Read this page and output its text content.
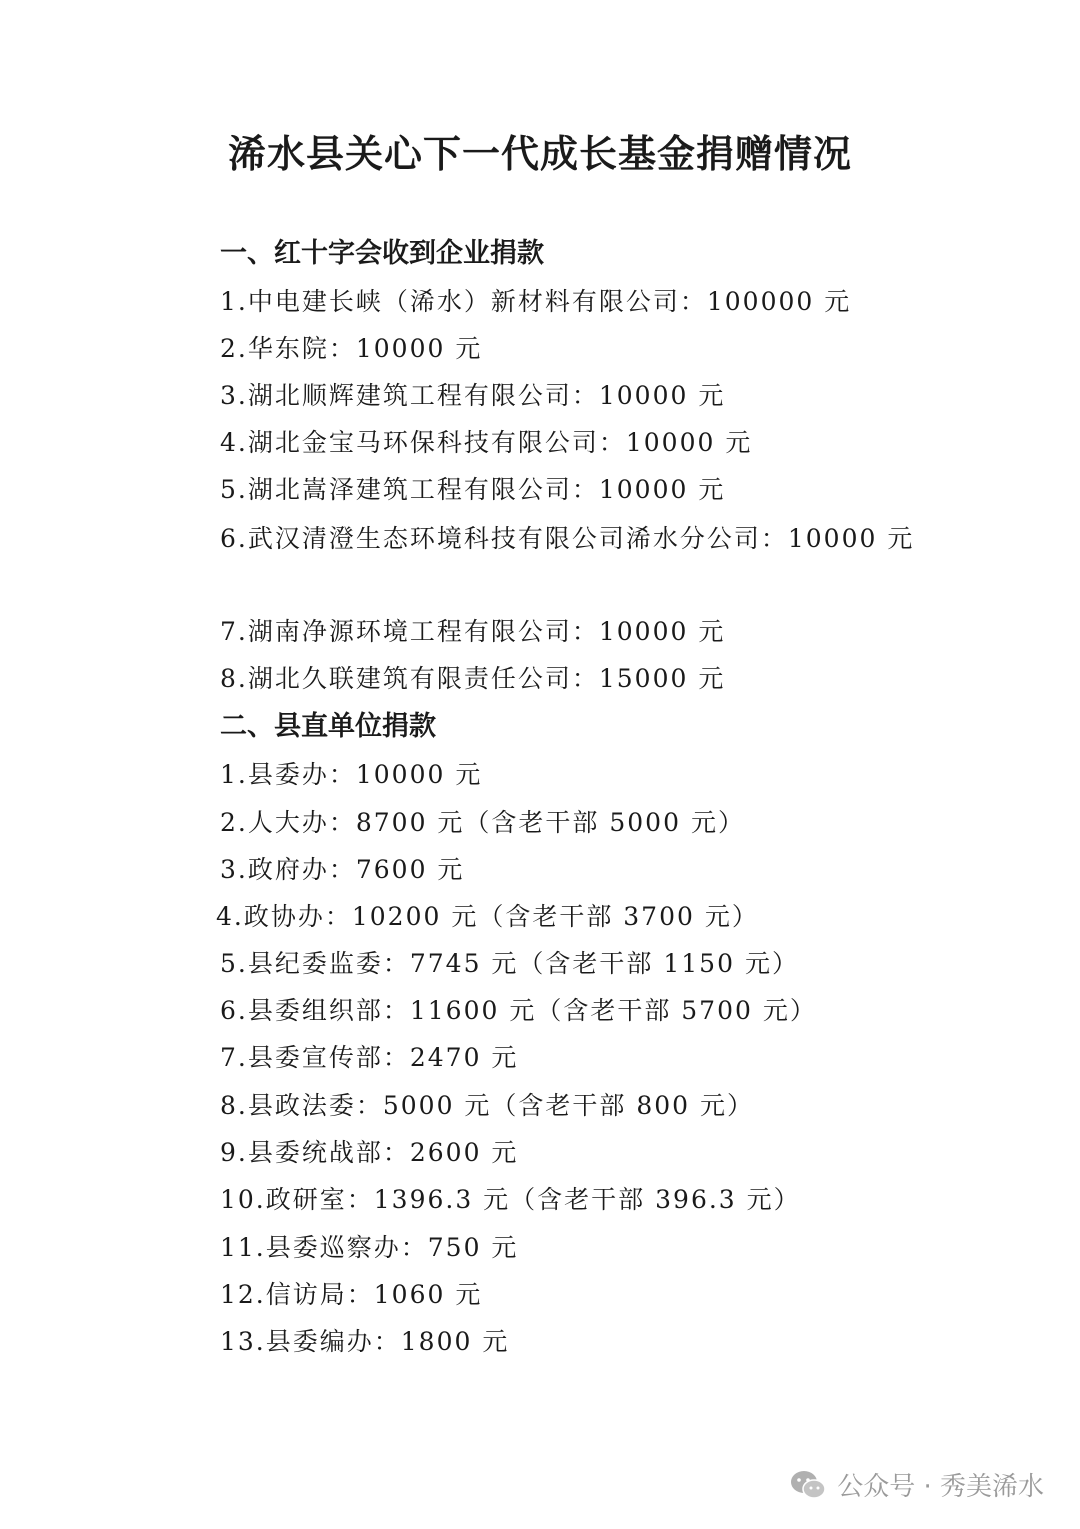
浠水县关心下一代成长基金捐赠情况
一、红十字会收到企业捐款

1.中电建长峡（浠水）新材料有限公司：100000 元

2.华东院：10000 元

3.湖北顺辉建筑工程有限公司：10000 元

4.湖北金宝马环保科技有限公司：10000 元

5.湖北嵩泽建筑工程有限公司：10000 元

6.武汉清澄生态环境科技有限公司浠水分公司：10000 元

7.湖南净源环境工程有限公司：10000 元

8.湖北久联建筑有限责任公司：15000 元

二、县直单位捐款

1.县委办：10000 元

2.人大办：8700 元（含老干部 5000 元）

3.政府办：7600 元

4.政协办：10200 元（含老干部 3700 元）

5.县纪委监委：7745 元（含老干部 1150 元）

6.县委组织部：11600 元（含老干部 5700 元）

7.县委宣传部：2470 元

8.县政法委：5000 元（含老干部 800 元）

9.县委统战部：2600 元

10.政研室：1396.3 元（含老干部 396.3 元）

11.县委巡察办：750 元

12.信访局：1060 元

13.县委编办：1800 元

公众号 · 秀美浠水
